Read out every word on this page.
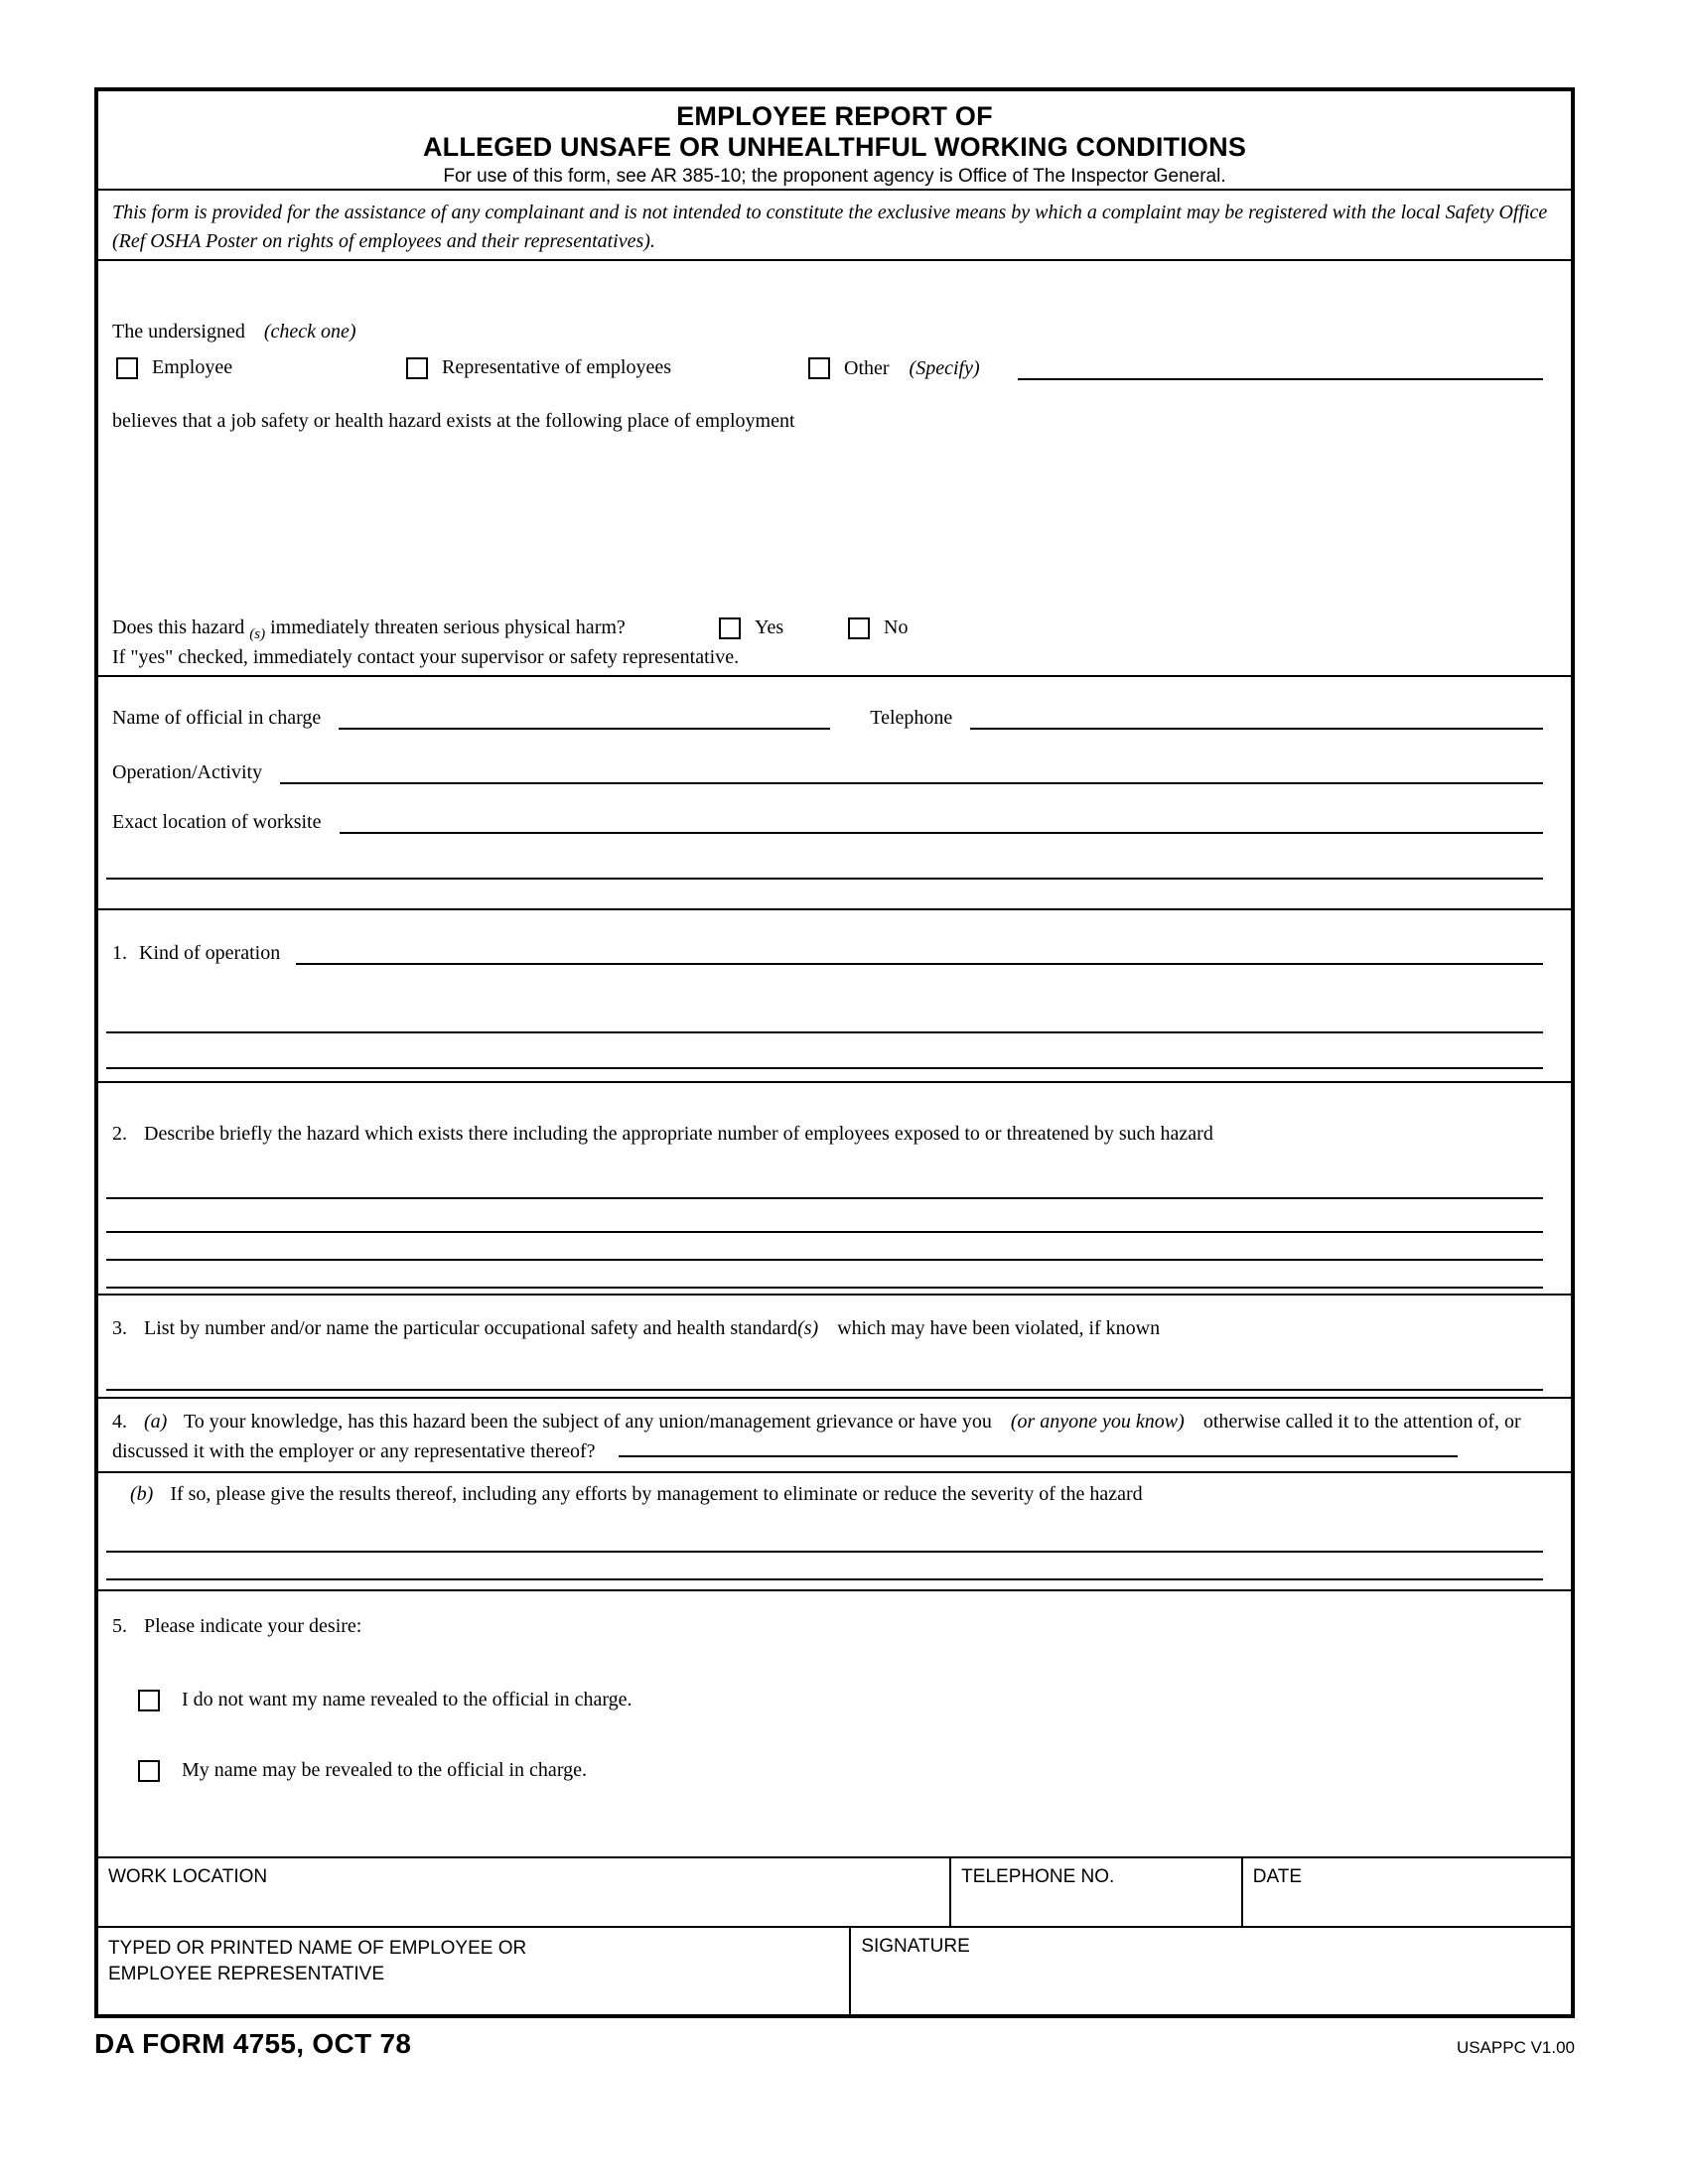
EMPLOYEE REPORT OF
ALLEGED UNSAFE OR UNHEALTHFUL WORKING CONDITIONS
For use of this form, see AR 385-10; the proponent agency is Office of The Inspector General.
This form is provided for the assistance of any complainant and is not intended to constitute the exclusive means by which a complaint may be registered with the local Safety Office (Ref OSHA Poster on rights of employees and their representatives).
The undersigned (check one)
Employee	Representative of employees	Other (Specify)
believes that a job safety or health hazard exists at the following place of employment
Does this hazard $_{(s)}$ immediately threaten serious physical harm?	Yes	No
If "yes" checked, immediately contact your supervisor or safety representative.
Name of official in charge	Telephone
Operation/Activity
Exact location of worksite
1. Kind of operation
2. Describe briefly the hazard which exists there including the appropriate number of employees exposed to or threatened by such hazard
3. List by number and/or name the particular occupational safety and health standard(s) which may have been violated, if known
4. (a) To your knowledge, has this hazard been the subject of any union/management grievance or have you (or anyone you know) otherwise called it to the attention of, or discussed it with the employer or any representative thereof?
(b) If so, please give the results thereof, including any efforts by management to eliminate or reduce the severity of the hazard
5. Please indicate your desire:
I do not want my name revealed to the official in charge.
My name may be revealed to the official in charge.
WORK LOCATION	TELEPHONE NO.	DATE
TYPED OR PRINTED NAME OF EMPLOYEE OR EMPLOYEE REPRESENTATIVE
SIGNATURE
DA FORM 4755, OCT 78	USAPPC V1.00
